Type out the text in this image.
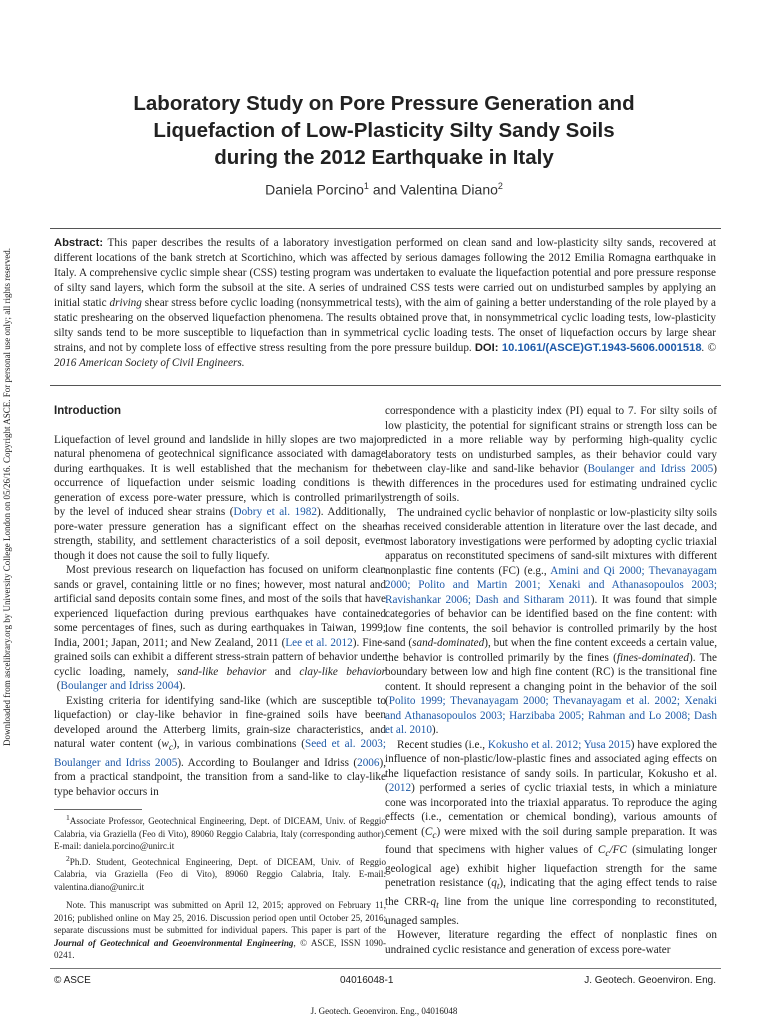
Downloaded from ascelibrary.org by University College London on 05/26/16. Copyright ASCE. For personal use only; all rights reserved.
Laboratory Study on Pore Pressure Generation and
Liquefaction of Low-Plasticity Silty Sandy Soils
during the 2012 Earthquake in Italy
Daniela Porcino$^1$ and Valentina Diano$^2$
Abstract: This paper describes the results of a laboratory investigation performed on clean sand and low-plasticity silty sands, recovered at different locations of the bank stretch at Scortichino, which was affected by serious damages following the 2012 Emilia Romagna earthquake in Italy. A comprehensive cyclic simple shear (CSS) testing program was undertaken to evaluate the liquefaction potential and pore pressure response of silty sand layers, which form the subsoil at the site. A series of undrained CSS tests were carried out on undisturbed samples by applying an initial static driving shear stress before cyclic loading (nonsymmetrical tests), with the aim of gaining a better understanding of the role played by a static preshearing on the observed liquefaction phenomena. The results obtained prove that, in nonsymmetrical cyclic loading tests, low-plasticity silty sands tend to be more susceptible to liquefaction than in symmetrical cyclic loading tests. The onset of liquefaction occurs by large shear strains, and not by complete loss of effective stress resulting from the pore pressure buildup. DOI: 10.1061/(ASCE)GT.1943-5606.0001518. © 2016 American Society of Civil Engineers.
Introduction

Liquefaction of level ground and landslide in hilly slopes are two major natural phenomena of geotechnical significance associated with damage during earthquakes. It is well established that the mechanism for the occurrence of liquefaction under seismic loading conditions is the generation of excess pore-water pressure, which is controlled primarily by the level of induced shear strains (Dobry et al. 1982). Additionally, pore-water pressure generation has a significant effect on the shear strength, stability, and settlement characteristics of a soil deposit, even though it does not cause the soil to fully liquefy.

Most previous research on liquefaction has focused on uniform clean sands or gravel, containing little or no fines; however, most natural and artificial sand deposits contain some fines, and most of the soils that have experienced liquefaction during previous earthquakes have contained some percentages of fines, such as during earthquakes in Taiwan, 1999; India, 2001; Japan, 2011; and New Zealand, 2011 (Lee et al. 2012). Fine-grained soils can exhibit a different stress-strain pattern of behavior under cyclic loading, namely, sand-like behavior and clay-like behavior (Boulanger and Idriss 2004).

Existing criteria for identifying sand-like (which are susceptible to liquefaction) or clay-like behavior in fine-grained soils have been developed around the Atterberg limits, grain-size characteristics, and natural water content $(w_c)$, in various combinations (Seed et al. 2003; Boulanger and Idriss 2005). According to Boulanger and Idriss (2006), from a practical standpoint, the transition from a sand-like to clay-like type behavior occurs in

$^1$Associate Professor, Geotechnical Engineering, Dept. of DICEAM, Univ. of Reggio Calabria, via Graziella (Feo di Vito), 89060 Reggio Calabria, Italy (corresponding author). E-mail: daniela.porcino@unirc.it

$^2$Ph.D. Student, Geotechnical Engineering, Dept. of DICEAM, Univ. of Reggio Calabria, via Graziella (Feo di Vito), 89060 Reggio Calabria, Italy. E-mail: valentina.diano@unirc.it

Note. This manuscript was submitted on April 12, 2015; approved on February 11, 2016; published online on May 25, 2016. Discussion period open until October 25, 2016; separate discussions must be submitted for individual papers. This paper is part of the Journal of Geotechnical and Geoenvironmental Engineering, © ASCE, ISSN 1090-0241.

correspondence with a plasticity index (PI) equal to 7. For silty soils of low plasticity, the potential for significant strains or strength loss can be predicted in a more reliable way by performing high-quality cyclic laboratory tests on undisturbed samples, as their behavior could vary between clay-like and sand-like behavior (Boulanger and Idriss 2005) with differences in the procedures used for estimating undrained cyclic strength of soils.

The undrained cyclic behavior of nonplastic or low-plasticity silty soils has received considerable attention in literature over the last decade, and most laboratory investigations were performed by adopting cyclic triaxial apparatus on reconstituted specimens of sand-silt mixtures with different nonplastic fine contents (FC) (e.g., Amini and Qi 2000; Thevanayagam 2000; Polito and Martin 2001; Xenaki and Athanasopoulos 2003; Ravishankar 2006; Dash and Sitharam 2011). It was found that simple categories of behavior can be identified based on the fine content: with low fine contents, the soil behavior is controlled primarily by the host sand (sand-dominated), but when the fine content exceeds a certain value, the behavior is controlled primarily by the fines (fines-dominated). The boundary between low and high fine content (RC) is the transitional fine content. It should represent a changing point in the behavior of the soil (Polito 1999; Thevanayagam 2000; Thevanayagam et al. 2002; Xenaki and Athanasopoulos 2003; Harzibaba 2005; Rahman and Lo 2008; Dash et al. 2010).

Recent studies (i.e., Kokusho et al. 2012; Yusa 2015) have explored the influence of non-plastic/low-plastic fines and associated aging effects on the liquefaction resistance of sandy soils. In particular, Kokusho et al. (2012) performed a series of cyclic triaxial tests, in which a miniature cone was incorporated into the triaxial apparatus. To reproduce the aging effects (i.e., cementation or chemical bonding), various amounts of cement $(C_c)$ were mixed with the soil during sample preparation. It was found that specimens with higher values of $C_c/FC$ (simulating longer geological age) exhibit higher liquefaction strength for the same penetration resistance $(q_t)$, indicating that the aging effect tends to raise the CRR-$q_t$ line from the unique line corresponding to reconstituted, unaged samples.

However, literature regarding the effect of nonplastic fines on undrained cyclic resistance and generation of excess pore-water

© ASCE	04016048-1	J. Geotech. Geoenviron. Eng.
J. Geotech. Geoenviron. Eng., 04016048
